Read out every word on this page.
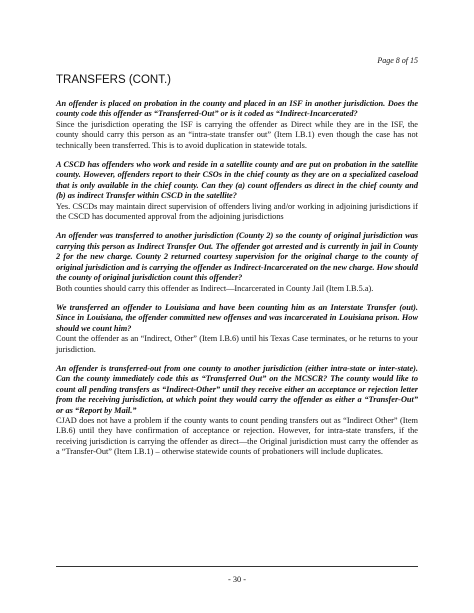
Page 8 of 15
TRANSFERS (CONT.)

An offender is placed on probation in the county and placed in an ISF in another jurisdiction. Does the county code this offender as “Transferred-Out” or is it coded as “Indirect-Incarcerated?

Since the jurisdiction operating the ISF is carrying the offender as Direct while they are in the ISF, the county should carry this person as an “intra-state transfer out” (Item I.B.1) even though the case has not technically been transferred. This is to avoid duplication in statewide totals.

A CSCD has offenders who work and reside in a satellite county and are put on probation in the satellite county. However, offenders report to their CSOs in the chief county as they are on a specialized caseload that is only available in the chief county. Can they (a) count offenders as direct in the chief county and (b) as indirect Transfer within CSCD in the satellite?

Yes. CSCDs may maintain direct supervision of offenders living and/or working in adjoining jurisdictions if the CSCD has documented approval from the adjoining jurisdictions

An offender was transferred to another jurisdiction (County 2) so the county of original jurisdiction was carrying this person as Indirect Transfer Out. The offender got arrested and is currently in jail in County 2 for the new charge. County 2 returned courtesy supervision for the original charge to the county of original jurisdiction and is carrying the offender as Indirect-Incarcerated on the new charge. How should the county of original jurisdiction count this offender?

Both counties should carry this offender as Indirect—Incarcerated in County Jail (Item I.B.5.a).

We transferred an offender to Louisiana and have been counting him as an Interstate Transfer (out). Since in Louisiana, the offender committed new offenses and was incarcerated in Louisiana prison. How should we count him?

Count the offender as an “Indirect, Other” (Item I.B.6) until his Texas Case terminates, or he returns to your jurisdiction.

An offender is transferred-out from one county to another jurisdiction (either intra-state or inter-state). Can the county immediately code this as “Transferred Out” on the MCSCR? The county would like to count all pending transfers as “Indirect-Other” until they receive either an acceptance or rejection letter from the receiving jurisdiction, at which point they would carry the offender as either a “Transfer-Out” or as “Report by Mail.”

CJAD does not have a problem if the county wants to count pending transfers out as “Indirect Other” (Item I.B.6) until they have confirmation of acceptance or rejection. However, for intra-state transfers, if the receiving jurisdiction is carrying the offender as direct—the Original jurisdiction must carry the offender as a “Transfer-Out” (Item I.B.1) – otherwise statewide counts of probationers will include duplicates.

- 30 -
